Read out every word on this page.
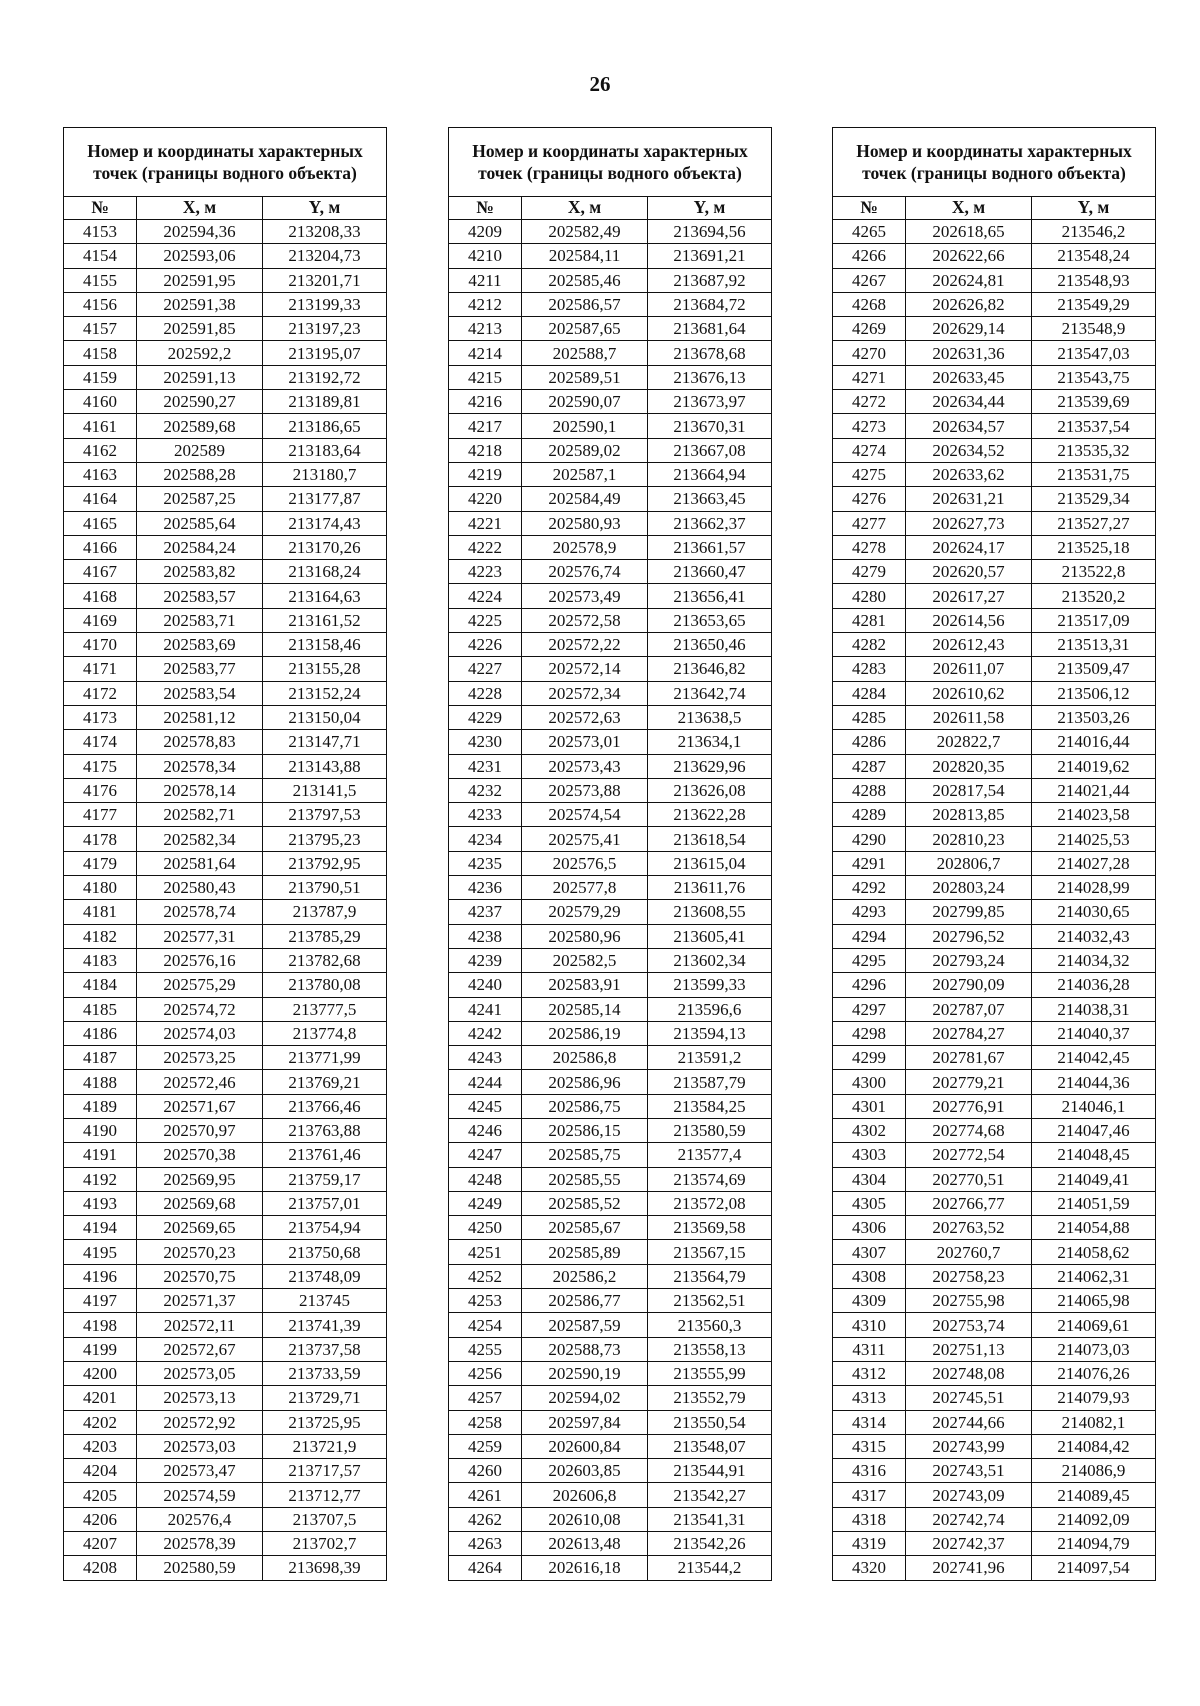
26
Номер и координаты характерных точек (границы водного объекта)		
№	X, м	Y, м
4153	202594,36	213208,33
4154	202593,06	213204,73
4155	202591,95	213201,71
4156	202591,38	213199,33
4157	202591,85	213197,23
4158	202592,2	213195,07
4159	202591,13	213192,72
4160	202590,27	213189,81
4161	202589,68	213186,65
4162	202589	213183,64
4163	202588,28	213180,7
4164	202587,25	213177,87
4165	202585,64	213174,43
4166	202584,24	213170,26
4167	202583,82	213168,24
4168	202583,57	213164,63
4169	202583,71	213161,52
4170	202583,69	213158,46
4171	202583,77	213155,28
4172	202583,54	213152,24
4173	202581,12	213150,04
4174	202578,83	213147,71
4175	202578,34	213143,88
4176	202578,14	213141,5
4177	202582,71	213797,53
4178	202582,34	213795,23
4179	202581,64	213792,95
4180	202580,43	213790,51
4181	202578,74	213787,9
4182	202577,31	213785,29
4183	202576,16	213782,68
4184	202575,29	213780,08
4185	202574,72	213777,5
4186	202574,03	213774,8
4187	202573,25	213771,99
4188	202572,46	213769,21
4189	202571,67	213766,46
4190	202570,97	213763,88
4191	202570,38	213761,46
4192	202569,95	213759,17
4193	202569,68	213757,01
4194	202569,65	213754,94
4195	202570,23	213750,68
4196	202570,75	213748,09
4197	202571,37	213745
4198	202572,11	213741,39
4199	202572,67	213737,58
4200	202573,05	213733,59
4201	202573,13	213729,71
4202	202572,92	213725,95
4203	202573,03	213721,9
4204	202573,47	213717,57
4205	202574,59	213712,77
4206	202576,4	213707,5
4207	202578,39	213702,7
4208	202580,59	213698,39
Номер и координаты характерных точек (границы водного объекта)		
№	X, м	Y, м
4209	202582,49	213694,56
4210	202584,11	213691,21
4211	202585,46	213687,92
4212	202586,57	213684,72
4213	202587,65	213681,64
4214	202588,7	213678,68
4215	202589,51	213676,13
4216	202590,07	213673,97
4217	202590,1	213670,31
4218	202589,02	213667,08
4219	202587,1	213664,94
4220	202584,49	213663,45
4221	202580,93	213662,37
4222	202578,9	213661,57
4223	202576,74	213660,47
4224	202573,49	213656,41
4225	202572,58	213653,65
4226	202572,22	213650,46
4227	202572,14	213646,82
4228	202572,34	213642,74
4229	202572,63	213638,5
4230	202573,01	213634,1
4231	202573,43	213629,96
4232	202573,88	213626,08
4233	202574,54	213622,28
4234	202575,41	213618,54
4235	202576,5	213615,04
4236	202577,8	213611,76
4237	202579,29	213608,55
4238	202580,96	213605,41
4239	202582,5	213602,34
4240	202583,91	213599,33
4241	202585,14	213596,6
4242	202586,19	213594,13
4243	202586,8	213591,2
4244	202586,96	213587,79
4245	202586,75	213584,25
4246	202586,15	213580,59
4247	202585,75	213577,4
4248	202585,55	213574,69
4249	202585,52	213572,08
4250	202585,67	213569,58
4251	202585,89	213567,15
4252	202586,2	213564,79
4253	202586,77	213562,51
4254	202587,59	213560,3
4255	202588,73	213558,13
4256	202590,19	213555,99
4257	202594,02	213552,79
4258	202597,84	213550,54
4259	202600,84	213548,07
4260	202603,85	213544,91
4261	202606,8	213542,27
4262	202610,08	213541,31
4263	202613,48	213542,26
4264	202616,18	213544,2
Номер и координаты характерных точек (границы водного объекта)		
№	X, м	Y, м
4265	202618,65	213546,2
4266	202622,66	213548,24
4267	202624,81	213548,93
4268	202626,82	213549,29
4269	202629,14	213548,9
4270	202631,36	213547,03
4271	202633,45	213543,75
4272	202634,44	213539,69
4273	202634,57	213537,54
4274	202634,52	213535,32
4275	202633,62	213531,75
4276	202631,21	213529,34
4277	202627,73	213527,27
4278	202624,17	213525,18
4279	202620,57	213522,8
4280	202617,27	213520,2
4281	202614,56	213517,09
4282	202612,43	213513,31
4283	202611,07	213509,47
4284	202610,62	213506,12
4285	202611,58	213503,26
4286	202822,7	214016,44
4287	202820,35	214019,62
4288	202817,54	214021,44
4289	202813,85	214023,58
4290	202810,23	214025,53
4291	202806,7	214027,28
4292	202803,24	214028,99
4293	202799,85	214030,65
4294	202796,52	214032,43
4295	202793,24	214034,32
4296	202790,09	214036,28
4297	202787,07	214038,31
4298	202784,27	214040,37
4299	202781,67	214042,45
4300	202779,21	214044,36
4301	202776,91	214046,1
4302	202774,68	214047,46
4303	202772,54	214048,45
4304	202770,51	214049,41
4305	202766,77	214051,59
4306	202763,52	214054,88
4307	202760,7	214058,62
4308	202758,23	214062,31
4309	202755,98	214065,98
4310	202753,74	214069,61
4311	202751,13	214073,03
4312	202748,08	214076,26
4313	202745,51	214079,93
4314	202744,66	214082,1
4315	202743,99	214084,42
4316	202743,51	214086,9
4317	202743,09	214089,45
4318	202742,74	214092,09
4319	202742,37	214094,79
4320	202741,96	214097,54
